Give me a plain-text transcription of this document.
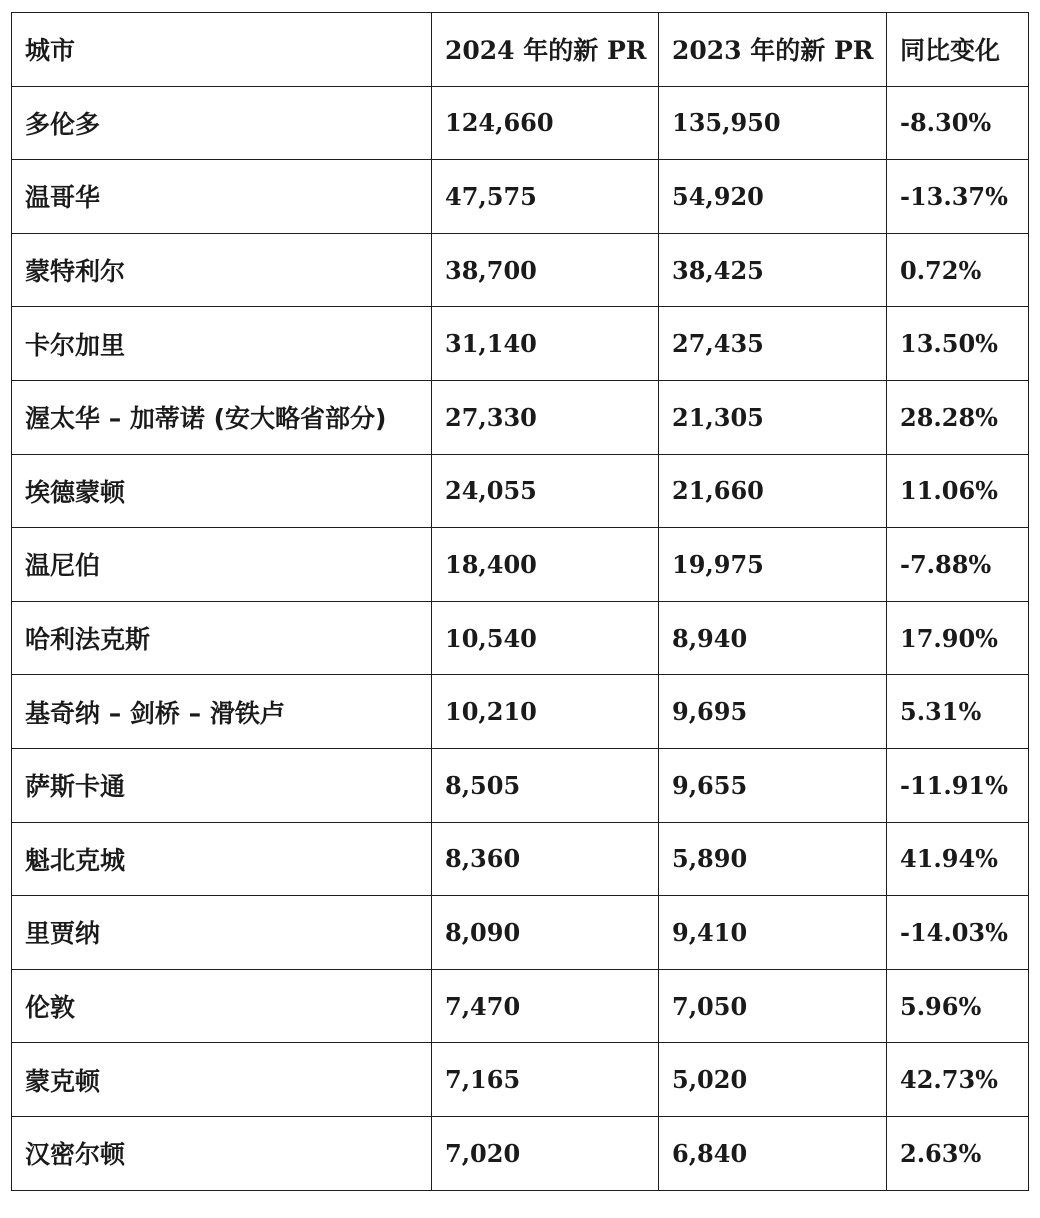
城市	2024 年的新 PR	2023 年的新 PR	同比变化
多伦多	124,660	135,950	-8.30%
温哥华	47,575	54,920	-13.37%
蒙特利尔	38,700	38,425	0.72%
卡尔加里	31,140	27,435	13.50%
渥太华 – 加蒂诺 (安大略省部分)	27,330	21,305	28.28%
埃德蒙顿	24,055	21,660	11.06%
温尼伯	18,400	19,975	-7.88%
哈利法克斯	10,540	8,940	17.90%
基奇纳 – 剑桥 – 滑铁卢	10,210	9,695	5.31%
萨斯卡通	8,505	9,655	-11.91%
魁北克城	8,360	5,890	41.94%
里贾纳	8,090	9,410	-14.03%
伦敦	7,470	7,050	5.96%
蒙克顿	7,165	5,020	42.73%
汉密尔顿	7,020	6,840	2.63%
